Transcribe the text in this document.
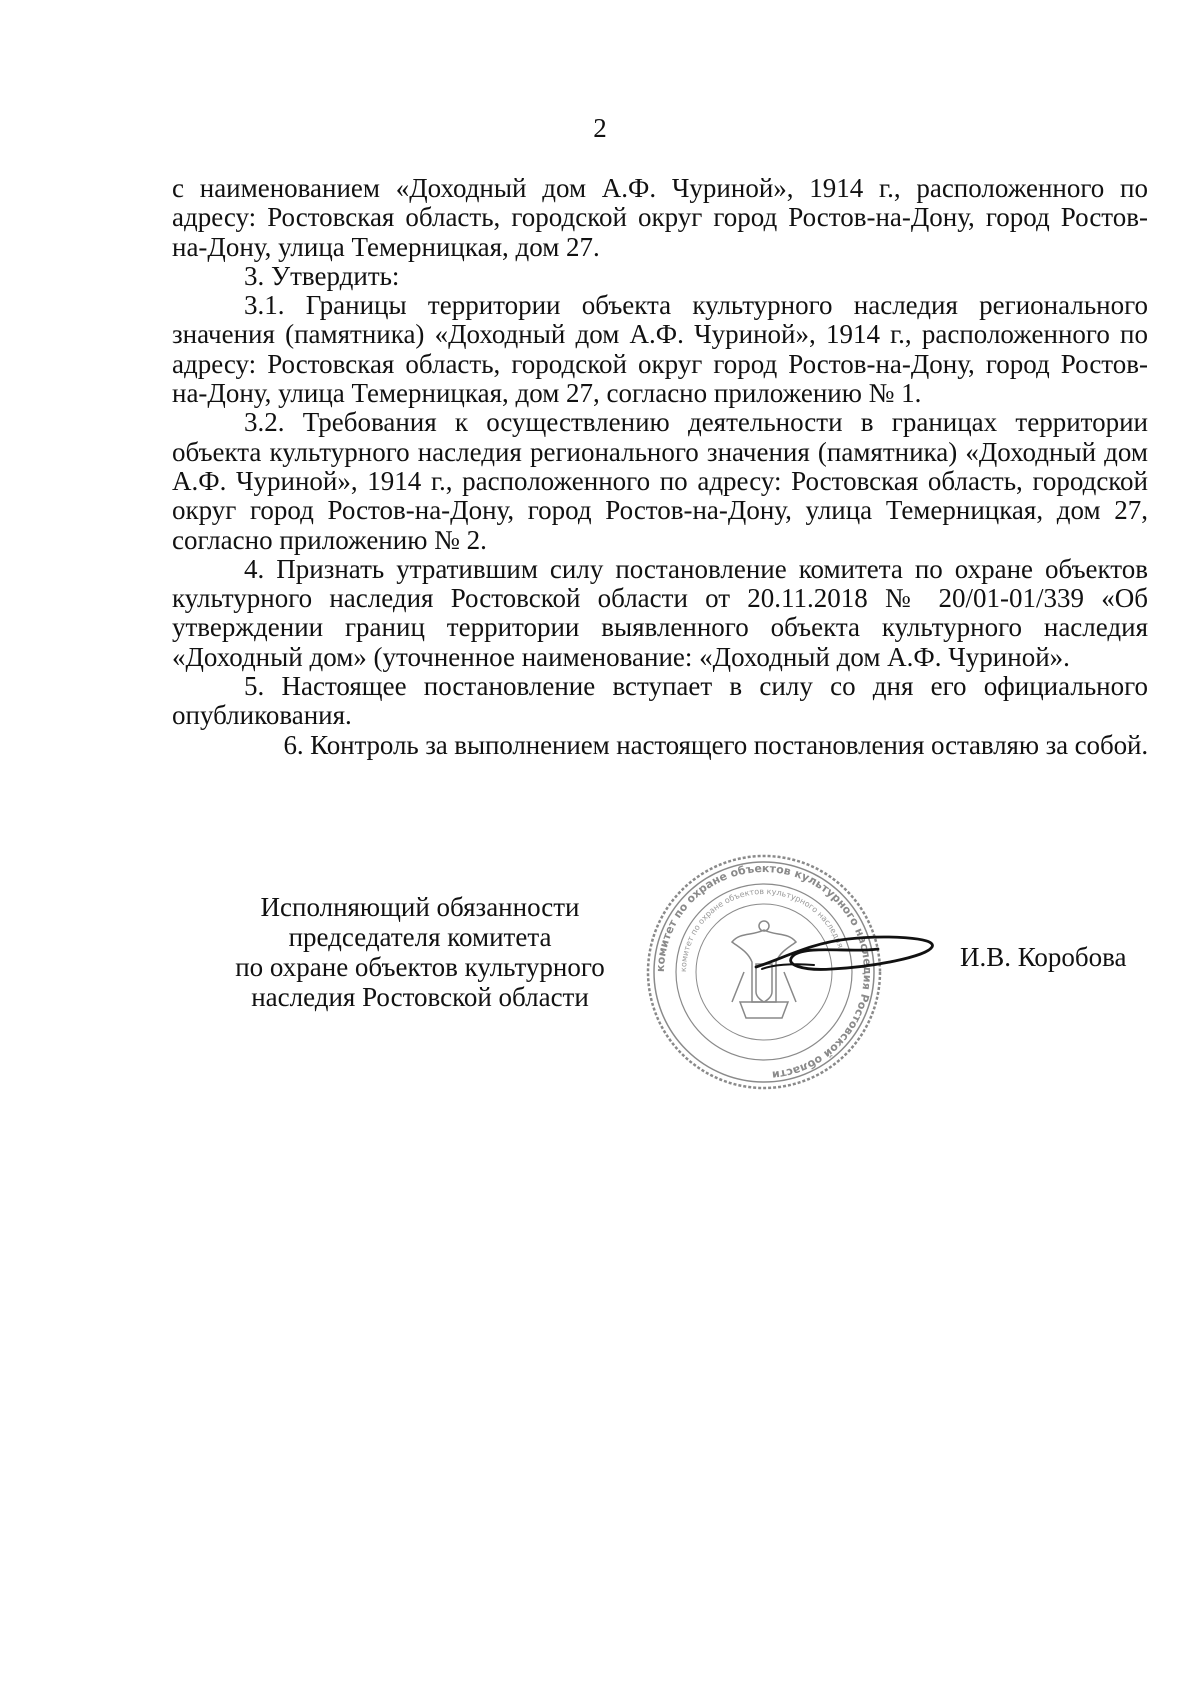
2

с наименованием «Доходный дом А.Ф. Чуриной», 1914 г., расположенного по адресу: Ростовская область, городской округ город Ростов-на-Дону, город Ростов-на-Дону, улица Темерницкая, дом 27.

3. Утвердить:

3.1. Границы территории объекта культурного наследия регионального значения (памятника) «Доходный дом А.Ф. Чуриной», 1914 г., расположенного по адресу: Ростовская область, городской округ город Ростов-на-Дону, город Ростов-на-Дону, улица Темерницкая, дом 27, согласно приложению № 1.

3.2. Требования к осуществлению деятельности в границах территории объекта культурного наследия регионального значения (памятника) «Доходный дом А.Ф. Чуриной», 1914 г., расположенного по адресу: Ростовская область, городской округ город Ростов-на-Дону, город Ростов-на-Дону, улица Темерницкая, дом 27, согласно приложению № 2.

4. Признать утратившим силу постановление комитета по охране объектов культурного наследия Ростовской области от 20.11.2018 № 20/01-01/339 «Об утверждении границ территории выявленного объекта культурного наследия «Доходный дом» (уточненное наименование: «Доходный дом А.Ф. Чуриной».

5. Настоящее постановление вступает в силу со дня его официального опубликования.

6. Контроль за выполнением настоящего постановления оставляю за собой.

Исполняющий обязанности
председателя комитета
по охране объектов культурного
наследия Ростовской области
комитет по охране объектов культурного наследия Ростовской области
комитет по охране объектов культурного наследия	И.В. Коробова
